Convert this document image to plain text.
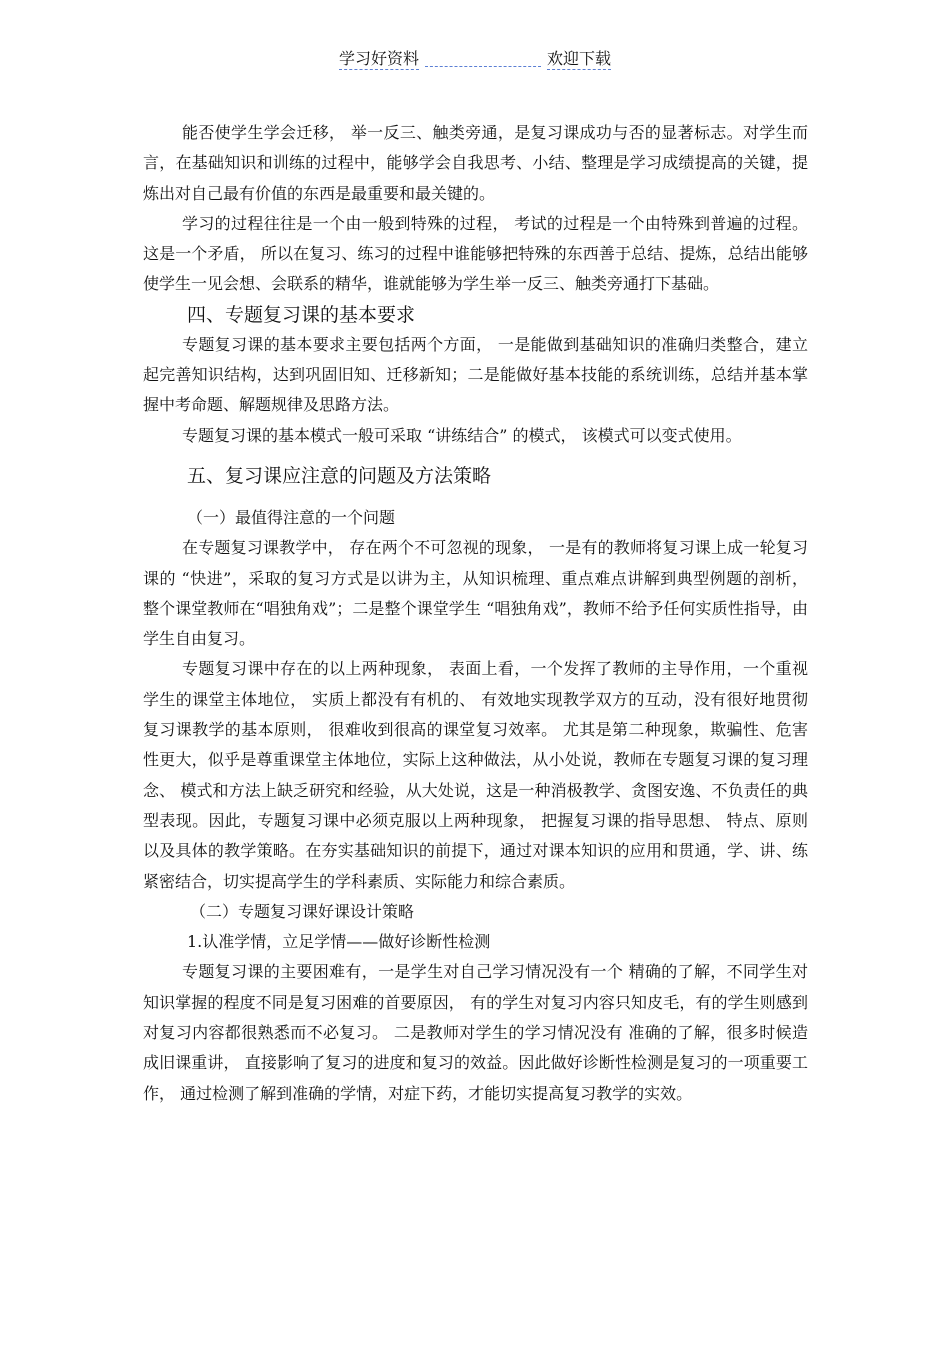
学习好资料	欢迎下载

能否使学生学会迁移， 举一反三、触类旁通，是复习课成功与否的显著标志。对学生而言，在基础知识和训练的过程中，能够学会自我思考、小结、整理是学习成绩提高的关键，提炼出对自己最有价值的东西是最重要和最关键的。

学习的过程往往是一个由一般到特殊的过程， 考试的过程是一个由特殊到普遍的过程。这是一个矛盾， 所以在复习、练习的过程中谁能够把特殊的东西善于总结、提炼，总结出能够使学生一见会想、会联系的精华，谁就能够为学生举一反三、触类旁通打下基础。

四、专题复习课的基本要求

专题复习课的基本要求主要包括两个方面， 一是能做到基础知识的准确归类整合，建立起完善知识结构，达到巩固旧知、迁移新知；二是能做好基本技能的系统训练，总结并基本掌握中考命题、解题规律及思路方法。

专题复习课的基本模式一般可采取 “讲练结合” 的模式， 该模式可以变式使用。

五、复习课应注意的问题及方法策略

（一）最值得注意的一个问题

在专题复习课教学中， 存在两个不可忽视的现象， 一是有的教师将复习课上成一轮复习课的 “快进”，采取的复习方式是以讲为主，从知识梳理、重点难点讲解到典型例题的剖析， 整个课堂教师在“唱独角戏”；二是整个课堂学生 “唱独角戏”，教师不给予任何实质性指导，由学生自由复习。

专题复习课中存在的以上两种现象， 表面上看，一个发挥了教师的主导作用，一个重视学生的课堂主体地位， 实质上都没有有机的、 有效地实现教学双方的互动，没有很好地贯彻复习课教学的基本原则， 很难收到很高的课堂复习效率。 尤其是第二种现象，欺骗性、危害性更大，似乎是尊重课堂主体地位，实际上这种做法，从小处说，教师在专题复习课的复习理念、 模式和方法上缺乏研究和经验，从大处说，这是一种消极教学、贪图安逸、不负责任的典型表现。因此，专题复习课中必须克服以上两种现象， 把握复习课的指导思想、 特点、原则以及具体的教学策略。在夯实基础知识的前提下，通过对课本知识的应用和贯通，学、讲、练紧密结合，切实提高学生的学科素质、实际能力和综合素质。

（二）专题复习课好课设计策略

1.认准学情，立足学情——做好诊断性检测

专题复习课的主要困难有，一是学生对自己学习情况没有一个 精确的了解，不同学生对知识掌握的程度不同是复习困难的首要原因， 有的学生对复习内容只知皮毛，有的学生则感到对复习内容都很熟悉而不必复习。 二是教师对学生的学习情况没有 准确的了解，很多时候造成旧课重讲， 直接影响了复习的进度和复习的效益。因此做好诊断性检测是复习的一项重要工作， 通过检测了解到准确的学情，对症下药，才能切实提高复习教学的实效。
